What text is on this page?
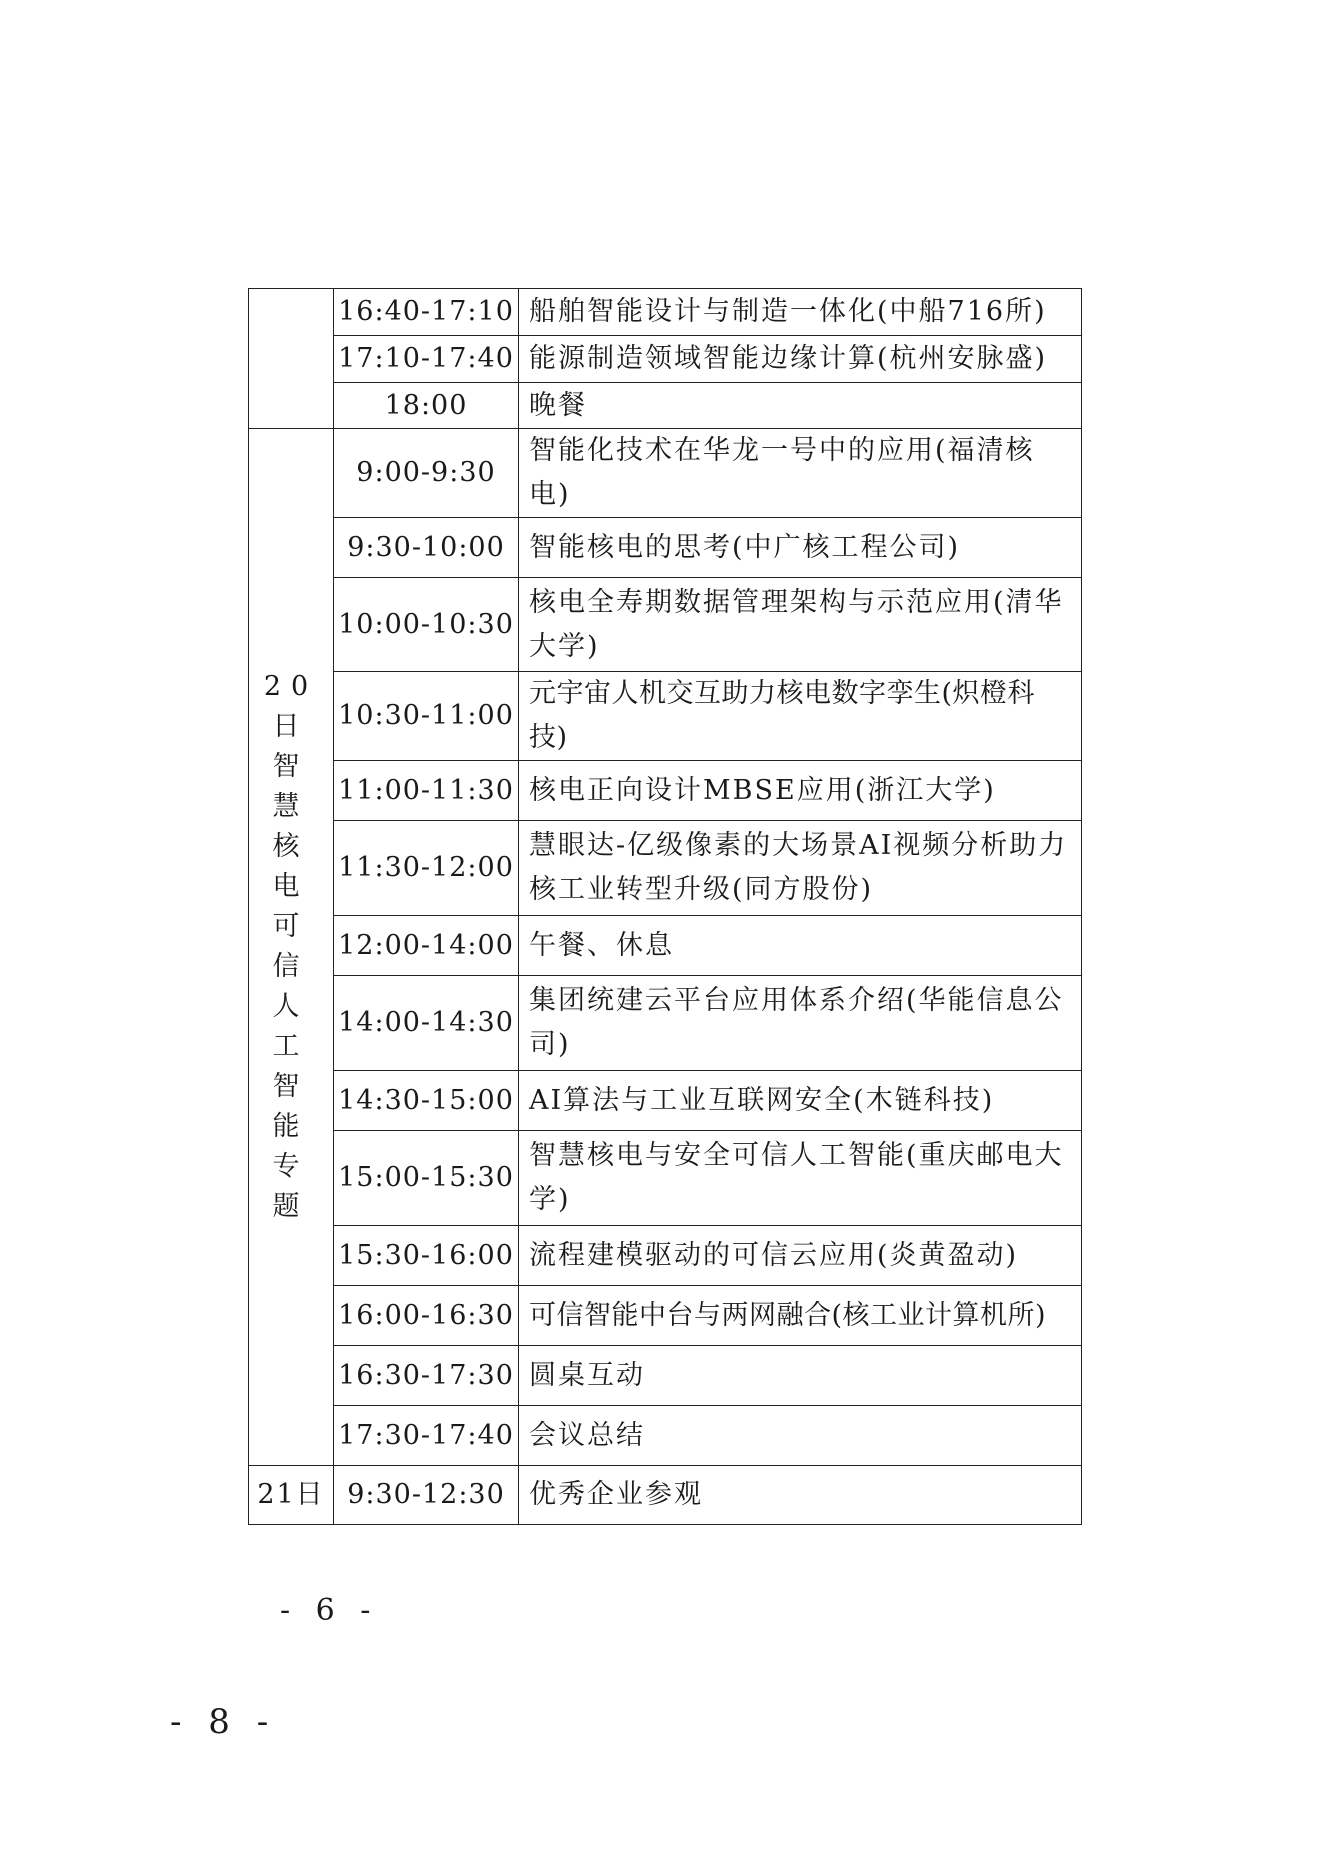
	16:40-17:10	船舶智能设计与制造一体化(中船716所)
	17:10-17:40	能源制造领域智能边缘计算(杭州安脉盛)
	18:00	晚餐
20日智慧核电可信人工智能专题	9:00-9:30	智能化技术在华龙一号中的应用(福清核电)
	9:30-10:00	智能核电的思考(中广核工程公司)
	10:00-10:30	核电全寿期数据管理架构与示范应用(清华大学)
	10:30-11:00	元宇宙人机交互助力核电数字孪生(炽橙科技)
	11:00-11:30	核电正向设计MBSE应用(浙江大学)
	11:30-12:00	慧眼达-亿级像素的大场景AI视频分析助力核工业转型升级(同方股份)
	12:00-14:00	午餐、休息
	14:00-14:30	集团统建云平台应用体系介绍(华能信息公司)
	14:30-15:00	AI算法与工业互联网安全(木链科技)
	15:00-15:30	智慧核电与安全可信人工智能(重庆邮电大学)
	15:30-16:00	流程建模驱动的可信云应用(炎黄盈动)
	16:00-16:30	可信智能中台与两网融合(核工业计算机所)
	16:30-17:30	圆桌互动
	17:30-17:40	会议总结
21日	9:30-12:30	优秀企业参观
- 6 -
- 8 -
